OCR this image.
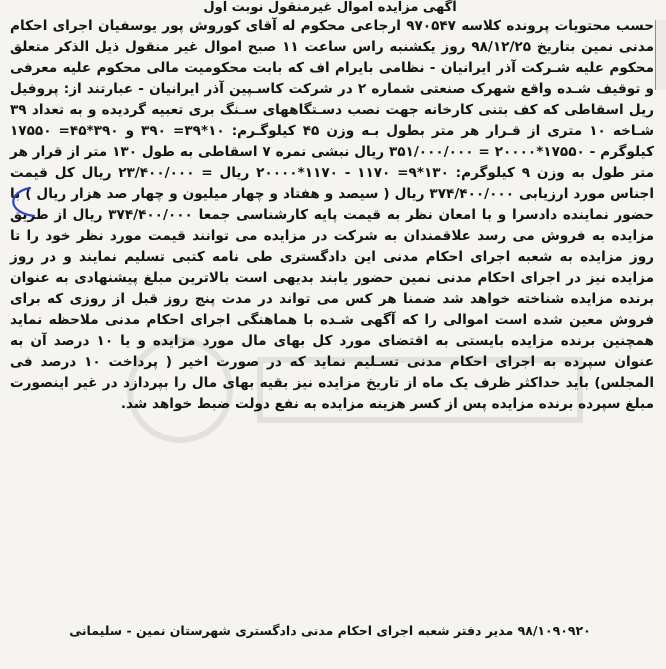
آگهی مزایده اموال غیرمنقول نوبت اول

حسب محتویات پرونده کلاسه ۹۷۰۵۴۷ ارجاعی محکوم له آقای کوروش پور یوسفیان اجرای احکام مدنی نمین بتاریخ ۹۸/۱۲/۲۵ روز یکشنبه راس ساعت ۱۱ صبح اموال غیر منقول ذیل الذکر متعلق محکوم علیه شـرکت آذر ایرانیان - نظامی بایرام اف که بابت محکومیت مالی محکوم علیه معرفی و توقیف شـده واقع شهرک صنعتی شماره ۲ در شرکت کاسـپین آذر ایرانیان - عبارتند از: پروفیل ریل اسقاطی که کف بتنی کارخانه جهت نصب دسـتگاههای سـنگ بری تعبیه گردیده و به تعداد ۳۹ شـاخه ۱۰ متری از قـرار هر متر بطول بـه وزن ۴۵ کیلوگـرم: ۱۰*۳۹= ۳۹۰ و ۳۹۰*۴۵= ۱۷۵۵۰ کیلوگرم - ۱۷۵۵۰*۲۰۰۰۰ = ۳۵۱/۰۰۰/۰۰۰ ریال نبشی نمره ۷ اسقاطی به طول ۱۳۰ متر از قرار هر متر طول به وزن ۹ کیلوگرم: ۱۳۰*۹= ۱۱۷۰ - ۱۱۷۰*۲۰۰۰۰ ریال = ۲۳/۴۰۰/۰۰۰ ریال کل قیمت اجناس مورد ارزیابی ۳۷۴/۴۰۰/۰۰۰ ریال ( سیصد و هفتاد و چهار میلیون و چهار صد هزار ریال ) با حضور نماینده دادسرا و با امعان نظر به قیمت پایه کارشناسی جمعا ۳۷۴/۴۰۰/۰۰۰ ریال از طریق مزایده به فروش می رسد علاقمندان به شرکت در مزایده می توانند قیمت مورد نظر خود را تا روز مزایده به شعبه اجرای احکام مدنی این دادگستری طی نامه کتبی تسلیم نمایند و در روز مزایده نیز در اجرای احکام مدنی نمین حضور یابند بدیهی است بالاترین مبلغ پیشنهادی به عنوان برنده مزایده شناخته خواهد شد ضمنا هر کس می تواند در مدت پنج روز قبل از روزی که برای فروش معین شده است اموالی را که آگهی شـده با هماهنگی اجرای احکام مدنی ملاحظه نماید همچنین برنده مزایده بایستی به اقتضای مورد کل بهای مال مورد مزایده و یا ۱۰ درصد آن به عنوان سپرده به اجرای احکام مدنی تسـلیم نماید که در صورت اخیر ( پرداخت ۱۰ درصد فی المجلس) باید حداکثر ظرف یک ماه از تاریخ مزایده نیز بقیه بهای مال را بپردازد در غیر اینصورت مبلغ سپرده برنده مزایده پس از کسر هزینه مزایده به نفع دولت ضبط خواهد شد.

۹۸/۱۰۹۰۹۲۰ مدیر دفتر شعبه اجرای احکام مدنی دادگستری شهرستان نمین - سلیمانی
